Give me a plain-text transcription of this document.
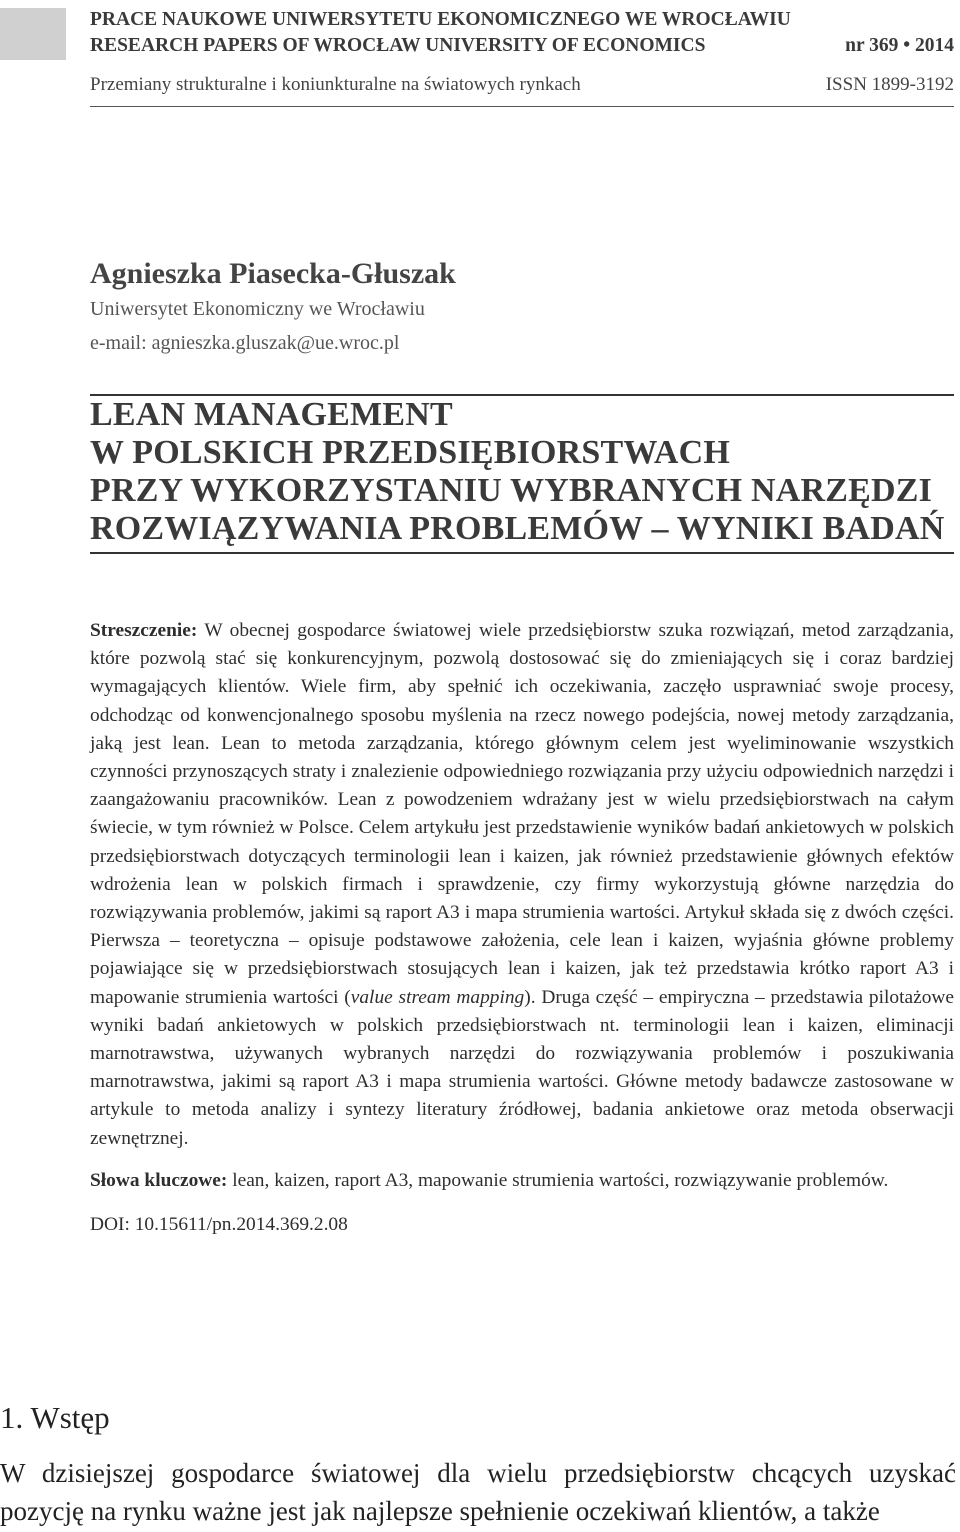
PRACE NAUKOWE UNIWERSYTETU EKONOMICZNEGO WE WROCŁAWIU
RESEARCH PAPERS OF WROCŁAW UNIVERSITY OF ECONOMICS	nr 369 • 2014
Przemiany strukturalne i koniunkturalne na światowych rynkach	ISSN 1899-3192
Agnieszka Piasecka-Głuszak
Uniwersytet Ekonomiczny we Wrocławiu
e-mail: agnieszka.gluszak@ue.wroc.pl
LEAN MANAGEMENT
W POLSKICH PRZEDSIĘBIORSTWACH
PRZY WYKORZYSTANIU WYBRANYCH NARZĘDZI
ROZWIĄZYWANIA PROBLEMÓW – WYNIKI BADAŃ

Streszczenie: W obecnej gospodarce światowej wiele przedsiębiorstw szuka rozwiązań, metod zarządzania, które pozwolą stać się konkurencyjnym, pozwolą dostosować się do zmieniających się i coraz bardziej wymagających klientów. Wiele firm, aby spełnić ich oczekiwania, zaczęło usprawniać swoje procesy, odchodząc od konwencjonalnego sposobu myślenia na rzecz nowego podejścia, nowej metody zarządzania, jaką jest lean. Lean to metoda zarządzania, którego głównym celem jest wyeliminowanie wszystkich czynności przynoszących straty i znalezienie odpowiedniego rozwiązania przy użyciu odpowiednich narzędzi i zaangażowaniu pracowników. Lean z powodzeniem wdrażany jest w wielu przedsiębiorstwach na całym świecie, w tym również w Polsce. Celem artykułu jest przedstawienie wyników badań ankietowych w polskich przedsiębiorstwach dotyczących terminologii lean i kaizen, jak również przedstawienie głównych efektów wdrożenia lean w polskich firmach i sprawdzenie, czy firmy wykorzystują główne narzędzia do rozwiązywania problemów, jakimi są raport A3 i mapa strumienia wartości. Artykuł składa się z dwóch części. Pierwsza – teoretyczna – opisuje podstawowe założenia, cele lean i kaizen, wyjaśnia główne problemy pojawiające się w przedsiębiorstwach stosujących lean i kaizen, jak też przedstawia krótko raport A3 i mapowanie strumienia wartości (value stream mapping). Druga część – empiryczna – przedstawia pilotażowe wyniki badań ankietowych w polskich przedsiębiorstwach nt. terminologii lean i kaizen, eliminacji marnotrawstwa, używanych wybranych narzędzi do rozwiązywania problemów i poszukiwania marnotrawstwa, jakimi są raport A3 i mapa strumienia wartości. Główne metody badawcze zastosowane w artykule to metoda analizy i syntezy literatury źródłowej, badania ankietowe oraz metoda obserwacji zewnętrznej.

Słowa kluczowe: lean, kaizen, raport A3, mapowanie strumienia wartości, rozwiązywanie problemów.

DOI: 10.15611/pn.2014.369.2.08

1. Wstęp

W dzisiejszej gospodarce światowej dla wielu przedsiębiorstw chcących uzyskać pozycję na rynku ważne jest jak najlepsze spełnienie oczekiwań klientów, a także
